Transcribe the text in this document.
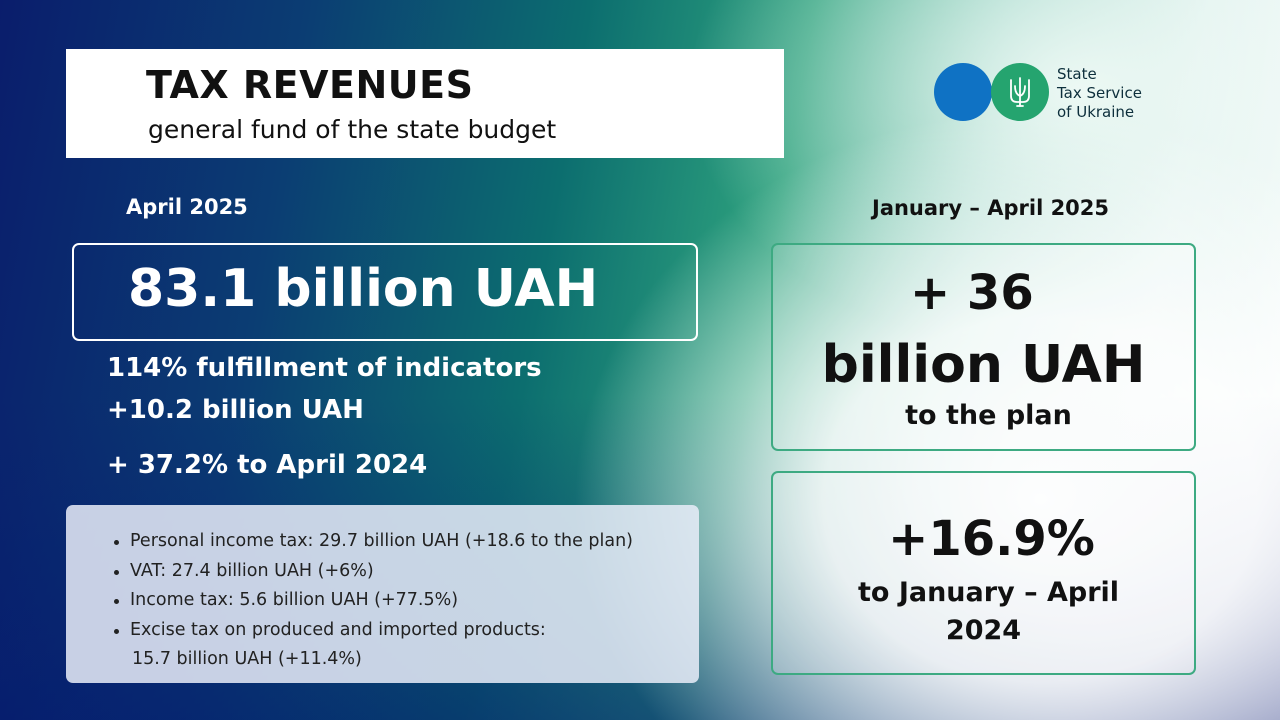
TAX REVENUES
general fund of the state budget
State
Tax Service
of Ukraine
April 2025	January – April 2025
83.1 billion UAH
114% fulfillment of indicators
+10.2 billion UAH
+ 37.2% to April 2024
Personal income tax: 29.7 billion UAH (+18.6 to the plan)
VAT: 27.4 billion UAH (+6%)
Income tax: 5.6 billion UAH (+77.5%)
Excise tax on produced and imported products:
15.7 billion UAH (+11.4%)
+ 36
billion UAH
to the plan
+16.9%
to January – April
2024
